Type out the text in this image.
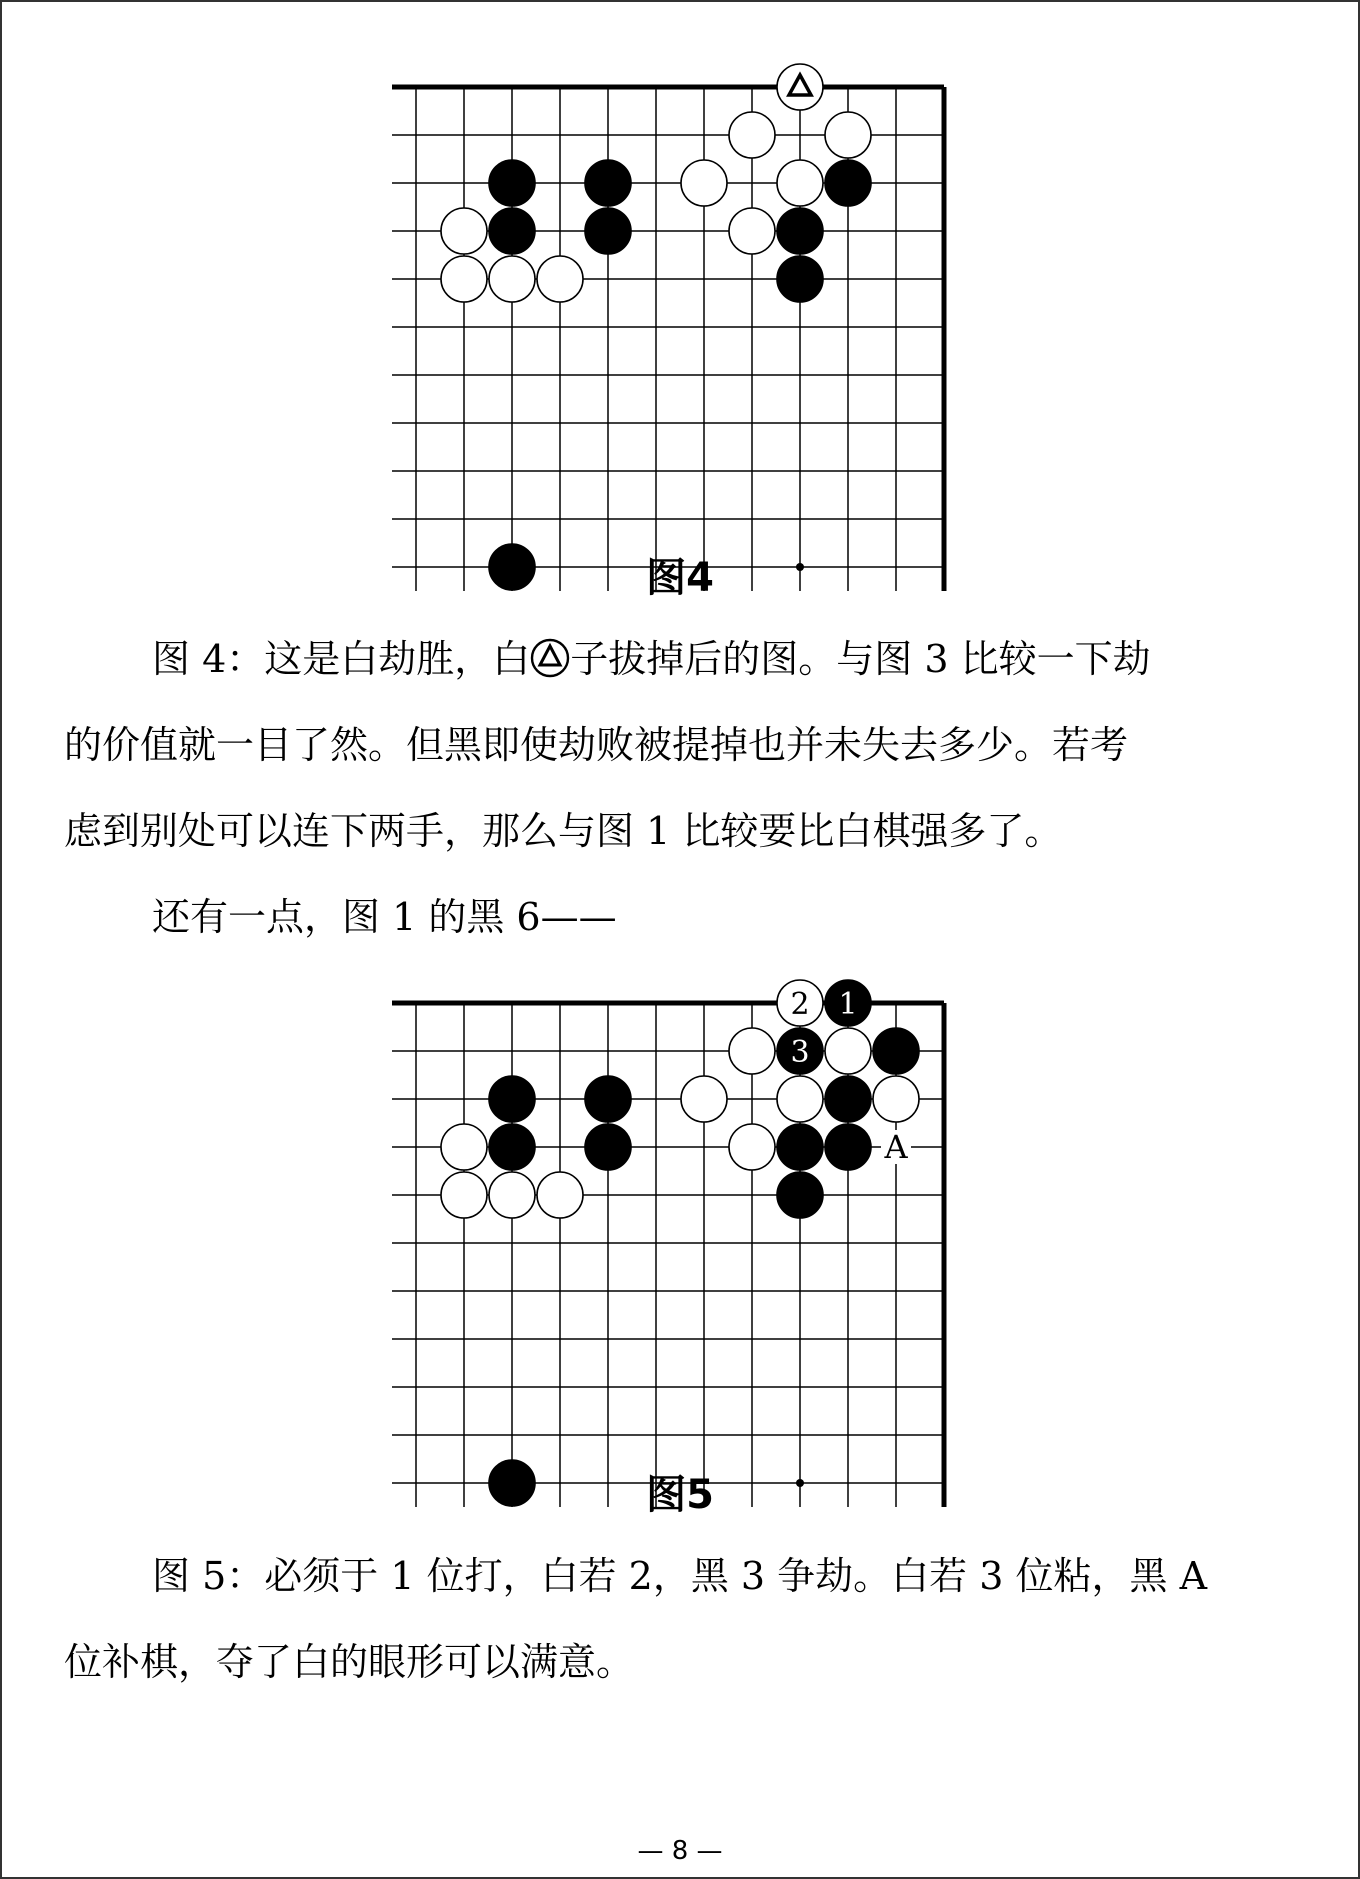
图4

图 4：这是白劫胜，白 子拔掉后的图。与图 3 比较一下劫
的价值就一目了然。但黑即使劫败被提掉也并未失去多少。若考
虑到别处可以连下两手，那么与图 1 比较要比白棋强多了。

还有一点，图 1 的黑 6——

1
3
2
A
图5

图 5：必须于 1 位打，白若 2，黑 3 争劫。白若 3 位粘，黑 A
位补棋，夺了白的眼形可以满意。

— 8 —
